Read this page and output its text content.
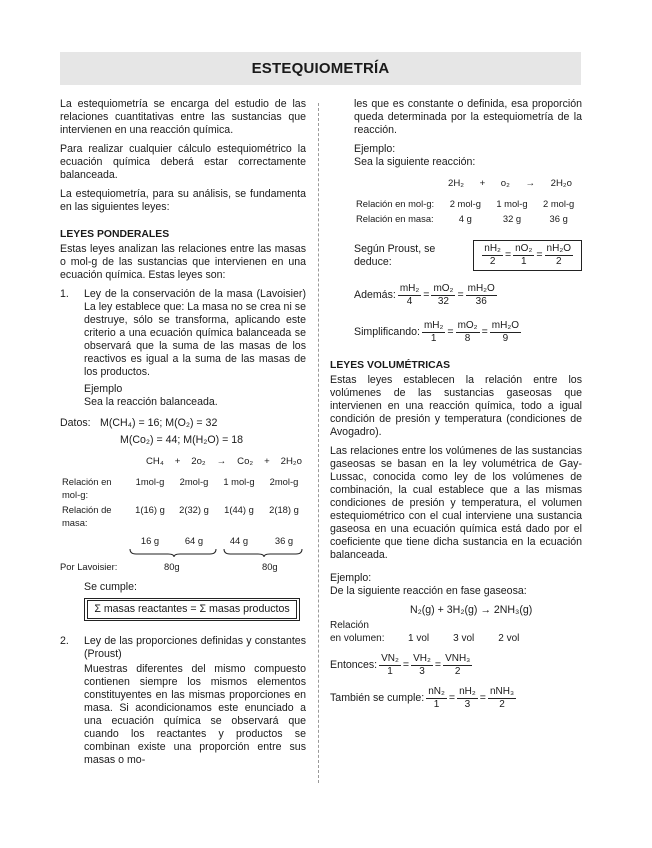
ESTEQUIOMETRÍA

La estequiometría se encarga del estudio de las relaciones cuantitativas entre las sustancias que intervienen en una reacción química.

Para realizar cualquier cálculo estequiométrico la ecuación química deberá estar correctamente balanceada.

La estequiometría, para su análisis, se fundamenta en las siguientes leyes:

LEYES PONDERALES

Estas leyes analizan las relaciones entre las masas o mol-g de las sustancias que intervienen en una ecuación química. Estas leyes son:

1.	Ley de la conservación de la masa (Lavoisier) La ley establece que: La masa no se crea ni se destruye, sólo se transforma, aplicando este criterio a una ecuación química balanceada se observará que la suma de las masas de los reactivos es igual a la suma de las masas de los productos.
Ejemplo
Sea la reacción balanceada.
Datos: M(CH₄) = 16; M(O₂) = 32
M(Co₂) = 44; M(H₂O) = 18
CH₄ + 2o₂ → Co₂ + 2H₂o
Relación en mol-g:	1mol-g	2mol-g	1 mol-g	2mol-g
Relación de masa:	1(16) g	2(32) g	1(44) g	2(18) g
	16 g	64 g	44 g	36 g
Por Lavoisier:	80g	80g
Se cumple:
Σ masas reactantes = Σ masas productos
2.	Ley de las proporciones definidas y constantes (Proust)
Muestras diferentes del mismo compuesto contienen siempre los mismos elementos constituyentes en las mismas proporciones en masa. Si acondicionamos este enunciado a una ecuación química se observará que cuando los reactantes y productos se combinan existe una proporción entre sus masas o mo-

les que es constante o definida, esa proporción queda determinada por la estequiometría de la reacción.

Ejemplo:
Sea la siguiente reacción:
2H₂ + o₂ → 2H₂o
Relación en mol-g:	2 mol-g	1 mol-g	2 mol-g
Relación en masa:	4 g	32 g	36 g
Según Proust, se deduce:	$\frac{\text{nH₂}}{2} = \frac{\text{nO₂}}{1} = \frac{\text{nH₂O}}{2}$
Además: $\frac{\text{mH₂}}{4} = \frac{\text{mO₂}}{32} = \frac{\text{mH₂O}}{36}$
Simplificando: $\frac{\text{mH₂}}{1} = \frac{\text{mO₂}}{8} = \frac{\text{mH₂O}}{9}$
LEYES VOLUMÉTRICAS

Estas leyes establecen la relación entre los volúmenes de las sustancias gaseosas que intervienen en una reacción química, todo a igual condición de presión y temperatura (condiciones de Avogadro).

Las relaciones entre los volúmenes de las sustancias gaseosas se basan en la ley volumétrica de Gay-Lussac, conocida como ley de los volúmenes de combinación, la cual establece que a las mismas condiciones de presión y temperatura, el volumen estequiométrico con el cual interviene una sustancia gaseosa en una ecuación química está dado por el coeficiente que tiene dicha sustancia en la ecuación balanceada.

Ejemplo:
De la siguiente reacción en fase gaseosa:
N₂(g) + 3H₂(g) → 2NH₃(g)
Relación
en volumen:	1 vol 3 vol 2 vol
Entonces: $\frac{\text{VN₂}}{1} = \frac{\text{VH₂}}{3} = \frac{\text{VNH₃}}{2}$
También se cumple: $\frac{\text{nN₂}}{1} = \frac{\text{nH₂}}{3} = \frac{\text{nNH₃}}{2}$
